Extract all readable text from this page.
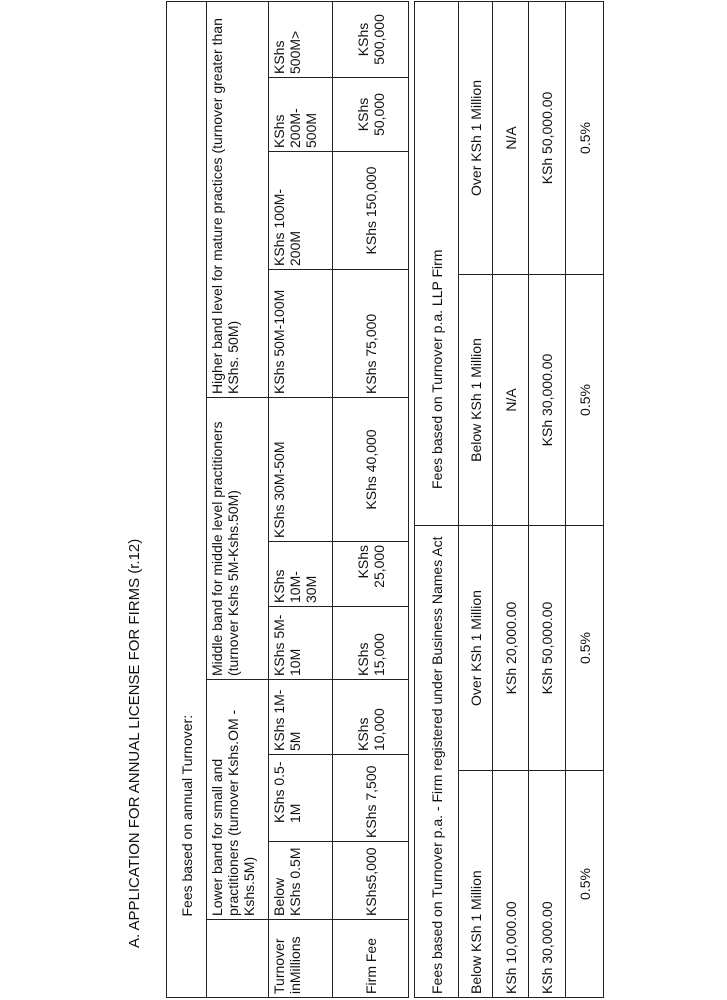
A. APPLICATION FOR ANNUAL LICENSE FOR FIRMS (r.12)
		Fees based on annual Turnover:									
	Lower band for small and practitioners (turnover Kshs.OM - Kshs.5M)			Middle band for middle level practitioners (turnover Kshs 5M-Kshs.50M)			Higher band level for mature practices (turnover greater than KShs. 50M)			
Turnover inMillions	Below KShs 0.5M	KShs 0.5-1M	KShs 1M-5M	KShs 5M-10M	KShs 10M-30M	KShs 30M-50M	KShs 50M-100M	KShs 100M-200M	KShs 200M-500M	KShs 500M>
Firm Fee	KShs5,000	KShs 7,500	KShs 10,000	KShs 15,000	KShs 25,000	KShs 40,000	KShs 75,000	KShs 150,000	KShs 50,000	KShs 500,000
Fees based on Turnover p.a. - Firm registered under Business Names Act		Fees based on Turnover p.a. LLP Firm	
Below KSh 1 Million	Over KSh 1 Million	Below KSh 1 Million	Over KSh 1 Million
KSh 10,000.00	KSh 20,000.00	N/A	N/A
KSh 30,000.00	KSh 50,000.00	KSh 30,000.00	KSh 50,000.00
0.5%	0.5%	0.5%	0.5%
